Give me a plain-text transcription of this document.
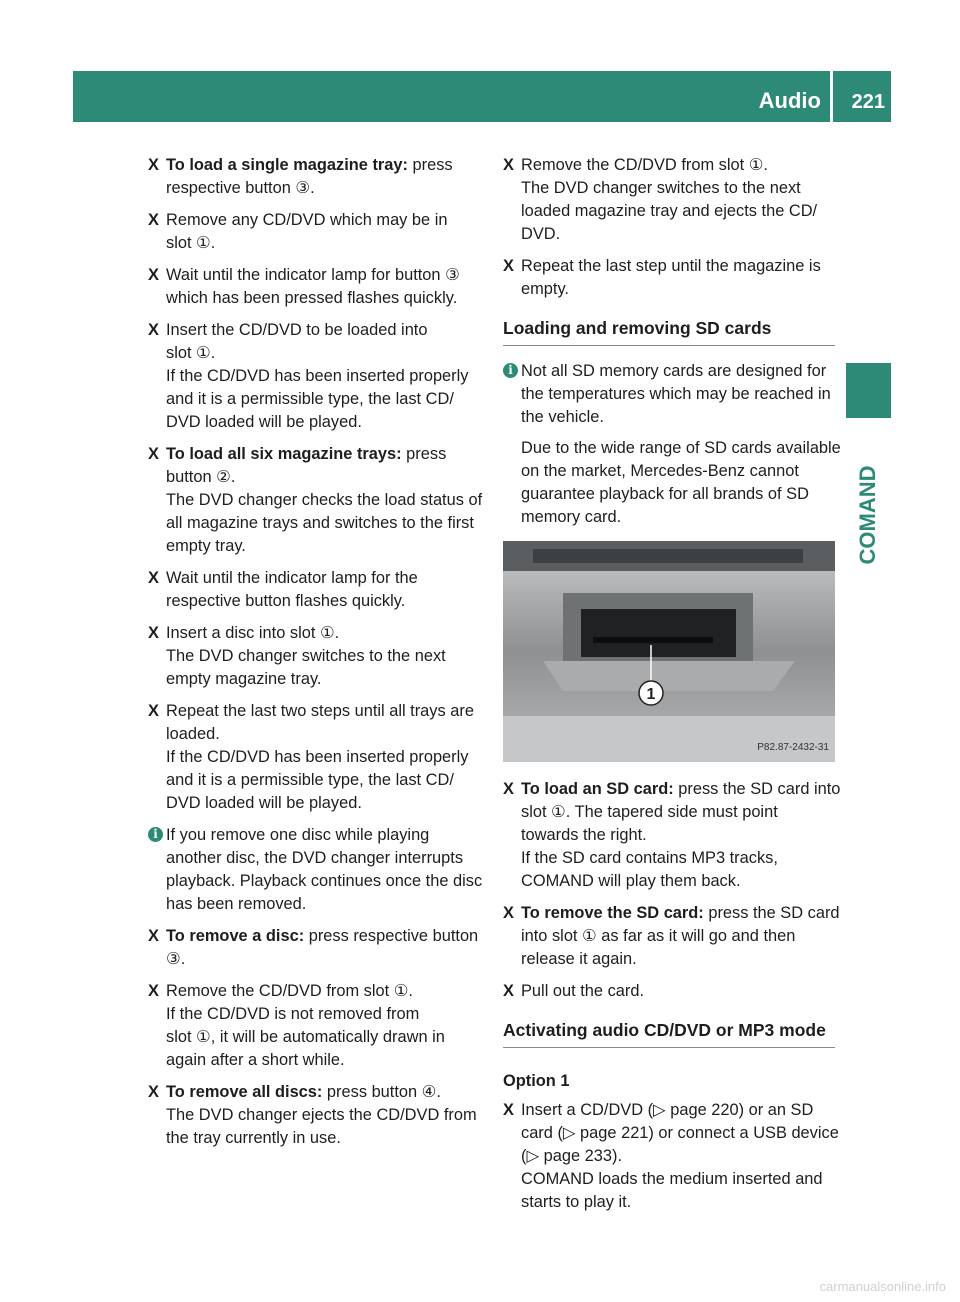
Audio 221
COMAND
X To load a single magazine tray: press
respective button ③.
X Remove any CD/DVD which may be in
slot ①.
X Wait until the indicator lamp for button ③
which has been pressed flashes quickly.
X Insert the CD/DVD to be loaded into
slot ①.
If the CD/DVD has been inserted properly
and it is a permissible type, the last CD/
DVD loaded will be played.
X To load all six magazine trays: press
button ②.
The DVD changer checks the load status of
all magazine trays and switches to the first
empty tray.
X Wait until the indicator lamp for the
respective button flashes quickly.
X Insert a disc into slot ①.
The DVD changer switches to the next
empty magazine tray.
X Repeat the last two steps until all trays are
loaded.
If the CD/DVD has been inserted properly
and it is a permissible type, the last CD/
DVD loaded will be played.
i If you remove one disc while playing
another disc, the DVD changer interrupts
playback. Playback continues once the disc
has been removed.

X To remove a disc: press respective button
③.
X Remove the CD/DVD from slot ①.
If the CD/DVD is not removed from
slot ①, it will be automatically drawn in
again after a short while.
X To remove all discs: press button ④.
The DVD changer ejects the CD/DVD from
the tray currently in use.
X Remove the CD/DVD from slot ①.
The DVD changer switches to the next
loaded magazine tray and ejects the CD/
DVD.
X Repeat the last step until the magazine is
empty.
Loading and removing SD cards
i Not all SD memory cards are designed for
the temperatures which may be reached in
the vehicle.

Due to the wide range of SD cards available
on the market, Mercedes-Benz cannot
guarantee playback for all brands of SD
memory card.

1
P82.87-2432-31
X To load an SD card: press the SD card into
slot ①. The tapered side must point
towards the right.
If the SD card contains MP3 tracks,
COMAND will play them back.
X To remove the SD card: press the SD card
into slot ① as far as it will go and then
release it again.
X Pull out the card.
Activating audio CD/DVD or MP3 mode
Option 1
X Insert a CD/DVD (▷ page 220) or an SD
card (▷ page 221) or connect a USB device
(▷ page 233).
COMAND loads the medium inserted and
starts to play it.
carmanualsonline.info
